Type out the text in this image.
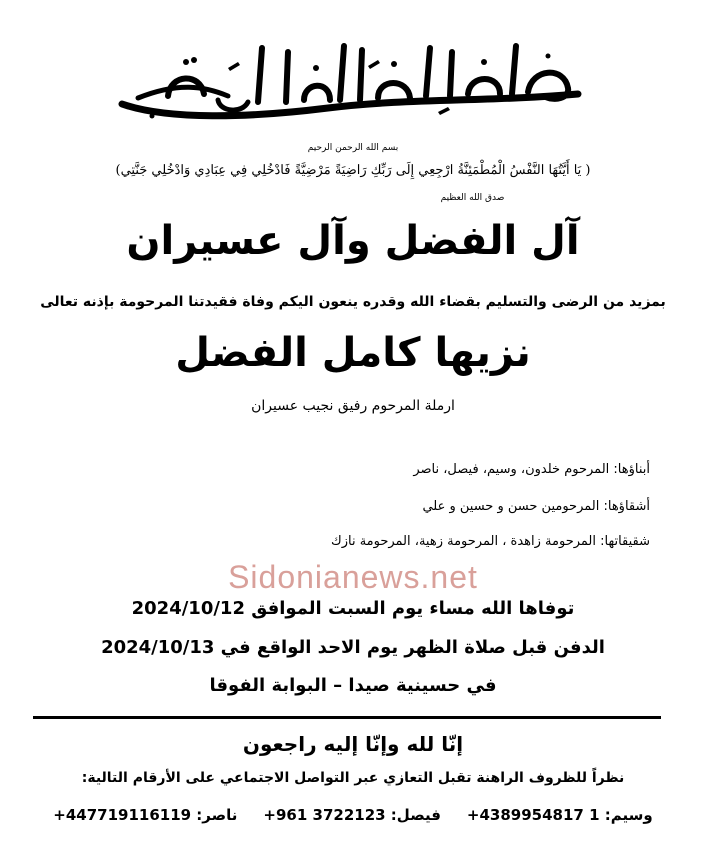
بسم الله الرحمن الرحيم

( يَا أَيَّتُهَا النَّفْسُ الْمُطْمَئِنَّةُ ارْجِعِي إِلَى رَبِّكِ رَاضِيَةً مَرْضِيَّةً فَادْخُلِي فِي عِبَادِي وَادْخُلِي جَنَّتِي)

صدق الله العظيم

آل الفضل وآل عسيران

بمزيد من الرضى والتسليم بقضاء الله وقدره ينعون اليكم وفاة فقيدتنا المرحومة بإذنه تعالى

نزيها كامل الفضل

ارملة المرحوم رفيق نجيب عسيران

أبناؤها: المرحوم خلدون، وسيم، فيصل، ناصر

أشقاؤها: المرحومين حسن و حسين و علي

شقيقاتها: المرحومة زاهدة ، المرحومة زهية، المرحومة نازك

Sidonianews.net

توفاها الله مساء يوم السبت الموافق 2024/10/12

الدفن قبل صلاة الظهر يوم الاحد الواقع في 2024/10/13

في حسينية صيدا – البوابة الفوقا

إنّا لله وإنّا إليه راجعون

نظراً للظروف الراهنة تقبل التعازي عبر التواصل الاجتماعي على الأرقام التالية:

وسيم: 1 4389954817+فيصل: 3722123 961+ناصر: 447719116119+
